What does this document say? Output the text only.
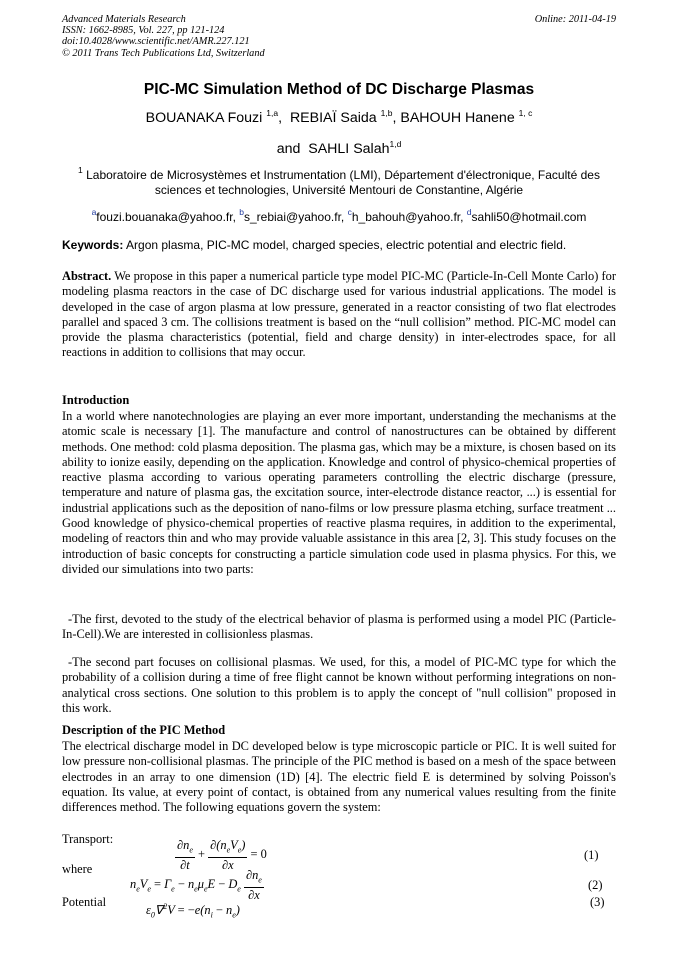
Advanced Materials Research
ISSN: 1662-8985, Vol. 227, pp 121-124
doi:10.4028/www.scientific.net/AMR.227.121
© 2011 Trans Tech Publications Ltd, Switzerland
Online: 2011-04-19
PIC-MC Simulation Method of DC Discharge Plasmas
BOUANAKA Fouzi $^{1,a}$, REBIAÏ Saida $^{1,b}$, BAHOUH Hanene $^{1, c}$
and SAHLI Salah$^{1,d}$
$^1$ Laboratoire de Microsystèmes et Instrumentation (LMI), Département d'électronique, Faculté des sciences et technologies, Université Mentouri de Constantine, Algérie
$^a$fouzi.bouanaka@yahoo.fr, $^b$s_rebiai@yahoo.fr, $^c$h_bahouh@yahoo.fr, $^d$sahli50@hotmail.com
Keywords: Argon plasma, PIC-MC model, charged species, electric potential and electric field.
Abstract. We propose in this paper a numerical particle type model PIC-MC (Particle-In-Cell Monte Carlo) for modeling plasma reactors in the case of DC discharge used for various industrial applications. The model is developed in the case of argon plasma at low pressure, generated in a reactor consisting of two flat electrodes parallel and spaced 3 cm. The collisions treatment is based on the “null collision” method. PIC-MC model can provide the plasma characteristics (potential, field and charge density) in inter-electrodes space, for all reactions in addition to collisions that may occur.
Introduction
In a world where nanotechnologies are playing an ever more important, understanding the mechanisms at the atomic scale is necessary [1]. The manufacture and control of nanostructures can be obtained by different methods. One method: cold plasma deposition. The plasma gas, which may be a mixture, is chosen based on its ability to ionize easily, depending on the application. Knowledge and control of physico-chemical properties of reactive plasma according to various operating parameters controlling the electric discharge (pressure, temperature and nature of plasma gas, the excitation source, inter-electrode distance reactor, ...) is essential for industrial applications such as the deposition of nano-films or low pressure plasma etching, surface treatment ... Good knowledge of physico-chemical properties of reactive plasma requires, in addition to the experimental, modeling of reactors thin and who may provide valuable assistance in this area [2, 3]. This study focuses on the introduction of basic concepts for constructing a particle simulation code used in plasma physics. For this, we divided our simulations into two parts:
-The first, devoted to the study of the electrical behavior of plasma is performed using a model PIC (Particle-In-Cell).We are interested in collisionless plasmas.
-The second part focuses on collisional plasmas. We used, for this, a model of PIC-MC type for which the probability of a collision during a time of free flight cannot be known without performing integrations on non-analytical cross sections. One solution to this problem is to apply the concept of "null collision" proposed in this work.
Description of the PIC Method
The electrical discharge model in DC developed below is type microscopic particle or PIC. It is well suited for low pressure non-collisional plasmas. The principle of the PIC method is based on a mesh of the space between electrodes in an array to one dimension (1D) [4]. The electric field E is determined by solving Poisson's equation. Its value, at every point of contact, is obtained from any numerical values resulting from the finite differences method. The following equations govern the system:
Transport:	$\frac{\partial n_e}{\partial t} + \frac{\partial(n_eV_e)}{\partial x} = 0$	(1)
where
$n_eV_e = \Gamma_e - n_e\mu_eE - D_e \frac{\partial n_e}{\partial x}$	(2)
Potential
$\varepsilon_0\nabla^2V = -e(n_i - n_e)$
(3)
